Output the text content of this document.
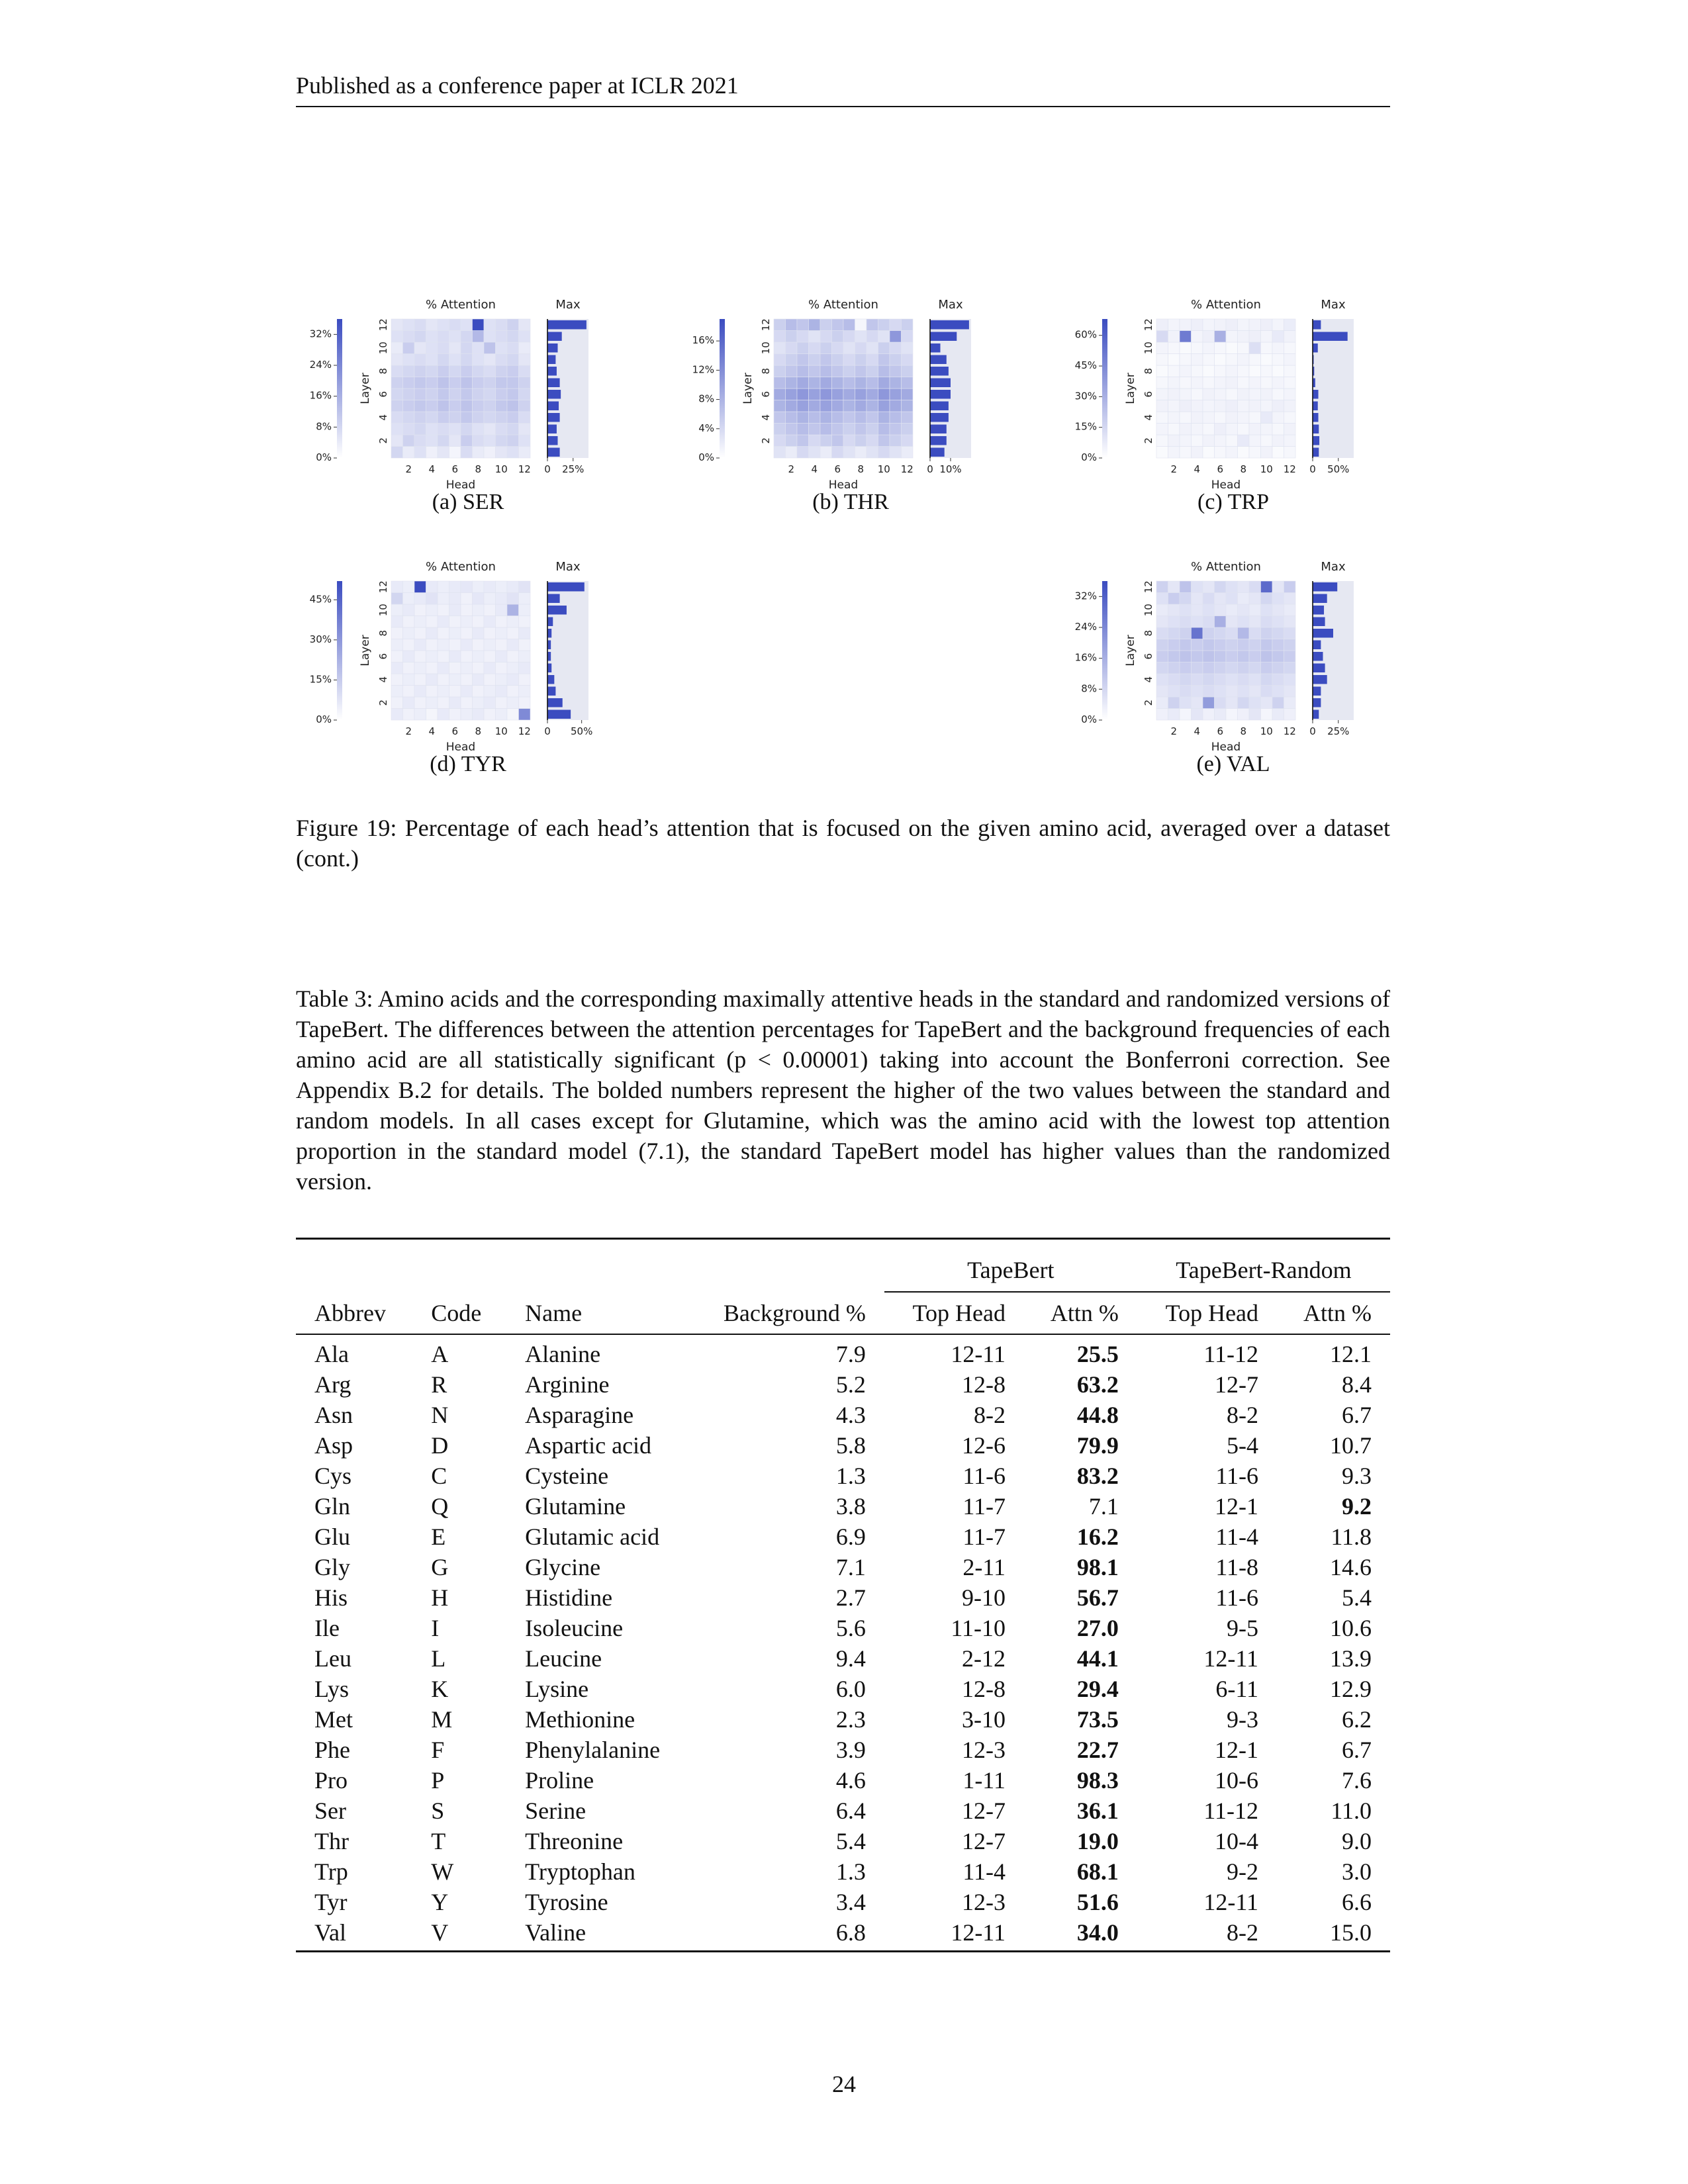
Published as a conference paper at ICLR 2021
0%
8%
16%
24%
32%
% Attention	Max
2
4
6
8
10
12
Layer
2 4 6 8 10 12
Head
0 25%
(a) SER
0%
4%
8%
12%
16%
% Attention	Max
2
4
6
8
10
12
Layer
2 4 6 8 10 12
Head
0 10%
(b) THR
0%
15%
30%
45%
60%
% Attention	Max
2
4
6
8
10
12
Layer
2 4 6 8 10 12
Head
0 50%
(c) TRP
0%
15%
30%
45%
% Attention	Max
2
4
6
8
10
12
Layer
2 4 6 8 10 12
Head
0 50%
(d) TYR
0%
8%
16%
24%
32%
% Attention	Max
2
4
6
8
10
12
Layer
2 4 6 8 10 12
Head
0 25%
(e) VAL
Figure 19: Percentage of each head’s attention that is focused on the given amino acid, averaged over a dataset (cont.)
Table 3: Amino acids and the corresponding maximally attentive heads in the standard and randomized versions of TapeBert. The differences between the attention percentages for TapeBert and the background frequencies of each amino acid are all statistically significant (p < 0.00001) taking into account the Bonferroni correction. See Appendix B.2 for details. The bolded numbers represent the higher of the two values between the standard and random models. In all cases except for Glutamine, which was the amino acid with the lowest top attention proportion in the standard model (7.1), the standard TapeBert model has higher values than the randomized version.
				TapeBert		TapeBert-Random	
Abbrev	Code	Name	Background %	Top Head	Attn %	Top Head	Attn %
Ala	A	Alanine	7.9	12-11	25.5	11-12	12.1
Arg	R	Arginine	5.2	12-8	63.2	12-7	8.4
Asn	N	Asparagine	4.3	8-2	44.8	8-2	6.7
Asp	D	Aspartic acid	5.8	12-6	79.9	5-4	10.7
Cys	C	Cysteine	1.3	11-6	83.2	11-6	9.3
Gln	Q	Glutamine	3.8	11-7	7.1	12-1	9.2
Glu	E	Glutamic acid	6.9	11-7	16.2	11-4	11.8
Gly	G	Glycine	7.1	2-11	98.1	11-8	14.6
His	H	Histidine	2.7	9-10	56.7	11-6	5.4
Ile	I	Isoleucine	5.6	11-10	27.0	9-5	10.6
Leu	L	Leucine	9.4	2-12	44.1	12-11	13.9
Lys	K	Lysine	6.0	12-8	29.4	6-11	12.9
Met	M	Methionine	2.3	3-10	73.5	9-3	6.2
Phe	F	Phenylalanine	3.9	12-3	22.7	12-1	6.7
Pro	P	Proline	4.6	1-11	98.3	10-6	7.6
Ser	S	Serine	6.4	12-7	36.1	11-12	11.0
Thr	T	Threonine	5.4	12-7	19.0	10-4	9.0
Trp	W	Tryptophan	1.3	11-4	68.1	9-2	3.0
Tyr	Y	Tyrosine	3.4	12-3	51.6	12-11	6.6
Val	V	Valine	6.8	12-11	34.0	8-2	15.0
24
